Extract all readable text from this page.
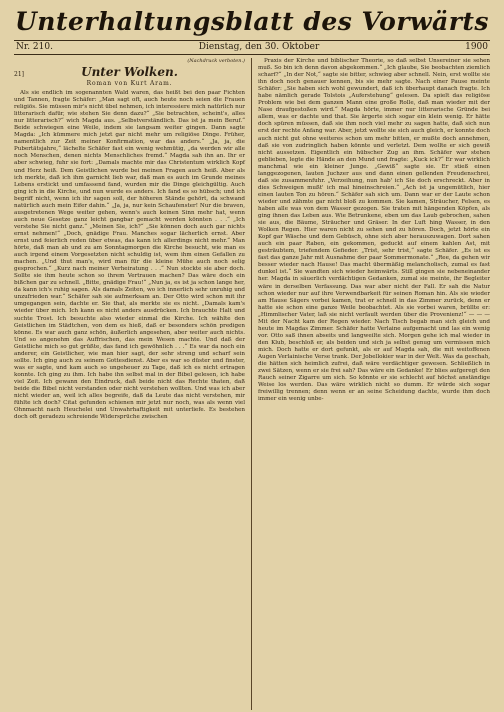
Unterhaltungsblatt des Vorwärts
Nr. 210.	Dienstag, den 30. Oktober	1900
(Nachdruck verboten.)
21]	Unter Wolken.
Roman von Kurt Aram.

Als sie endlich im sogenannten Wald waren, das heißt bei den paar Fichten und Tannen, fragte Schäfer: „Man sagt oft, auch heute noch seien die Frauen religiös. Sie müssen mir's nicht übel nehmen, ich interessiere mich natürlich nur litterarisch dafür, wie stehen Sie denn dazu?“ „Sie betrachten, scheint's, alles nur litterarisch?“ wich Magda aus. „Selbstverständlich. Das ist ja mein Beruf.“ Beide schwiegen eine Weile, indem sie langsam weiter gingen. Dann sagte Magda: „Ich kümmere mich jetzt gar nicht mehr um religiöse Dinge. Früher, namentlich zur Zeit meiner Konfirmation, war das anders.“ „Ja, ja, die Pubertätsjahre,“ lächelte Schäfer fast ein wenig wehmütig, „da werden wir alle noch Menschen, denen nichts Menschliches fremd.“ Magda sah ihn an. Ihr er aber schwieg, fuhr sie fort: „Damals machte mir das Christentum wirklich Kopf und Herz heiß. Dem Geistlichen wurde bei meinen Fragen auch heiß. Aber als ich merkte, daß ich ihm garnicht lieb war, daß man es auch im Grunde meines Lebens erstickt und umfassend fand, wurden mir die Dinge gleichgültig. Auch ging ich in die Kirche, und nun wurde es anders. Ich fand es so hübsch; und ich begriff nicht, wenn ich ihr sagen soll, der höheren Stände gehört, da schwand natürlich auch mein Eifer dahin.“ „Ja, ja, nur kein Schaufenster! Nur die braven, ausgetretenen Wege weiter gehen, wenn's auch keinen Sinn mehr hat, wenn auch neue Gesetze ganz leicht gangbar gemacht werden könnten . . .“ „Ich verstehe Sie nicht ganz.“ „Meinen Sie, ich?“ „Sie können doch auch gar nichts ernst nehmen!“ „Doch, gnädige Frau. Manches sogar lächerlich ernst. Aber ernst und feierlich reden über etwas, das kann ich allerdings nicht mehr.“ Man hörte, daß man ab und zu am Sonntagmorgen die Kirche besucht, wie man es auch irgend einem Vorgesetzten nicht schuldig ist, wem ihm einen Gefallen zu machen. „Und thut man's, wird man für die kleine Mühe auch noch selig gesprochen.“ „Kurz nach meiner Verheiratung . . .“ Nun stockte sie aber doch. Sollte sie ihm heute schon so ihrem Vertrauen machen? Das wäre doch ein bißchen gar zu schnell. „Bitte, gnädige Frau!“ „Nun ja, es ist ja schon lange her, da kann ich's ruhig sagen. Als damals Zeiten, wo ich innerlich sehr unruhig und unzufrieden war.“ Schäfer sah sie aufmerksam an. Der Otto wird schon mit ihr umgegangen sein, dachte er. Sie that, als merkte sie es nicht. „Damals kam's wieder über mich. Ich kann es nicht anders ausdrücken. Ich brauchte Halt und suchte Trost. Ich besuchte also wieder einmal die Kirche. Ich wählte den Geistlichen im Städtchen, von dem es hieß, daß er besonders schön predigen könne. Es war auch ganz schön, äußerlich angesehen, aber weiter auch nichts. Und so angenehm das Auffrischen, das mein Wesen machte. Und daß der Geistliche mich so gut grüßte, das fand ich gewöhnlich . . .“ Es war da noch ein anderer, ein Geistlicher, wie man hier sagt, der sehr streng und scharf sein sollte. Ich ging auch zu seinem Gottesdienst. Aber es war so düster und finster, was er sagte, und kam auch so ungeheuer zu Tage, daß ich es nicht ertragen konnte. Ich ging zu ihm. Ich habe ihn selbst mal in der Bibel gelesen, ich habe viel Zeit. Ich gewann den Eindruck, daß beide nicht das Rechte thaten, daß beide die Bibel nicht verstanden oder nicht verstehen wollten. Und was ich aber nicht wieder an, weil ich alles begreife, daß da Leute das nicht verstehen, mir fühlte ich doch? Citat gefunden schienen mir jetzt nur noch, was als wenn viel Ohnmacht nach Heuchelei und Unwahrhaftigkeit mit unterliefe. Es bestehen doch oft geradezu schreiende Widersprüche zwischen

Praxis der Kirche und biblischer Theorie, so daß selbst Unsereiner sie sehen muß. So bin ich denn davon abgekommen.“ „Ich glaube, Sie beobachten ziemlich scharf?“ „In der Not,“ sagte sie bitter, schwieg aber schnell. Nein, erst wollte sie ihn doch noch genauer kennen, bis sie mehr sagte. Nach einer Pause meinte Schäfer: „Sie haben sich wohl gewundert, daß ich überhaupt danach fragte. Ich habe nämlich gerade Tolstois „Auferstehung“ gelesen. Da spielt das religiöse Problem wie bei dem ganzen Mann eine große Rolle, daß man wieder mit der Nase draufgestoßen wird.“ Magda hörte, immer nur litterarische Gründe bei allem, was er dachte und that. Sie ärgerte sich sogar ein klein wenig. Er hätte doch spüren müssen, daß sie ihm noch viel mehr zu sagen hatte, daß sich nun erst der rechte Anfang war. Aber, jetzt wollte sie sich auch gleich, er konnte doch auch nicht gut ohne weiteres schon um mehr bitten, er mußte doch annehmen, daß sie von zudringlich haben könnte und verletzt. Dem wollte er sich gewiß nicht aussetzen. Eigentlich ein hübscher Zug an ihm. Schäfer war stehen geblieben, legte die Hände an den Mund und fragte: „Kuck ick?“ Er war wirklich manchmal wie ein kleiner Junge. „Gewiß“ sagte sie. Er stieß einen langgezogenen, lauten Juchzer aus und dann einen gellenden Freudenschrei, daß sie zusammenfuhr. „Verzeihung, nun hab' ich Sie doch erschreckt. Aber in dies Schweigen mußt' ich mal hineinschreien.“ „Ach ist ja ungemütlich, hier einen lauten Ton zu hören.“ Schäfer sah sich um. Dann war er der Laute schon wieder und zähmte gar nicht bloß zu kommen. Sie kamen, Sträucher, Felsen, es haben alle was von dem Wasser gezogen. Sie traten mit hängenden Köpfen, als ging ihnen das Leben aus. Wie Betrunkene, eben um das Laub gebrochen, sahen sie aus, die Bäume, Sträucher und Gräser. In der Luft hing Wasser, in den Wolken Regen. Hier waren nicht zu sehen und zu hören. Doch, jetzt hörte ein Kopf gar Wäsche und dem Gebüsch, ohne sich aber herauszuwagen. Dort sahen auch ein paar Raben, ein gekommen, geduckt auf einem kahlen Ast, mit gesträubtem, triefendem Gefieder. „Trist, sehr trist,“ sagte Schäfer. „Es ist es fast das ganze Jahr mit Ausnahme der paar Sommermonate.“ „Ree, da gehen wir besser wieder nach Hause! Das macht übermäßig melancholisch, zumal es fast dunkel ist.“ Sie wandten sich wieder heimwärts. Still gingen sie nebeneinander her. Magda in säuerlich verdächtigen Gedanken, zumal sie meinte, ihr Begleiter wäre in derselben Verfassung. Das war aber nicht der Fall. Er sah die Natur schon wieder nur auf ihre Verwendbarkeit für seinen Roman hin. Als sie wieder am Hause Sägers vorbei kamen, trat er schnell in das Zimmer zurück, denn er hatte sie schon eine ganze Weile beobachtet. Als sie vorbei waren, brüllte er: „Himmlischer Vater, laß sie nicht verfault werden über die Provenienz!“ — — — Mit der Nacht kam der Regen wieder. Nach Tisch begab man sich gleich und heute im Magdas Zimmer. Schäfer hatte Verlaine aufgemacht und las ein wenig vor. Otto saß ihnen abseits und langweilte sich. Morgen gehe ich mal wieder in den Klub, beschloß er, als beiden und sich ja selbst genug um vermissen mich mich. Doch hatte er dort gefunkt, als er auf Magda sah, die mit weitoffenen Augen Verlainische Verse trank. Der Jobellokier war in der Welt. Was da geschah, die hätten sich heimlich zufrei, daß wäre verdächtiger gewesen. Schließlich in zwei Sätzen, wenn er sie frei sah? Das wäre ein Gedanke! Er blies aufgeregt den Rauch seiner Zigarre um sich. So könnte er sie schlecht auf höchst anständige Weise los werden. Das wäre wirklich nicht so dumm. Er würde sich sogar freiwillig trennen; denn wenn er an seine Scheidung dachte, wurde ihm doch immer ein wenig unbe-
